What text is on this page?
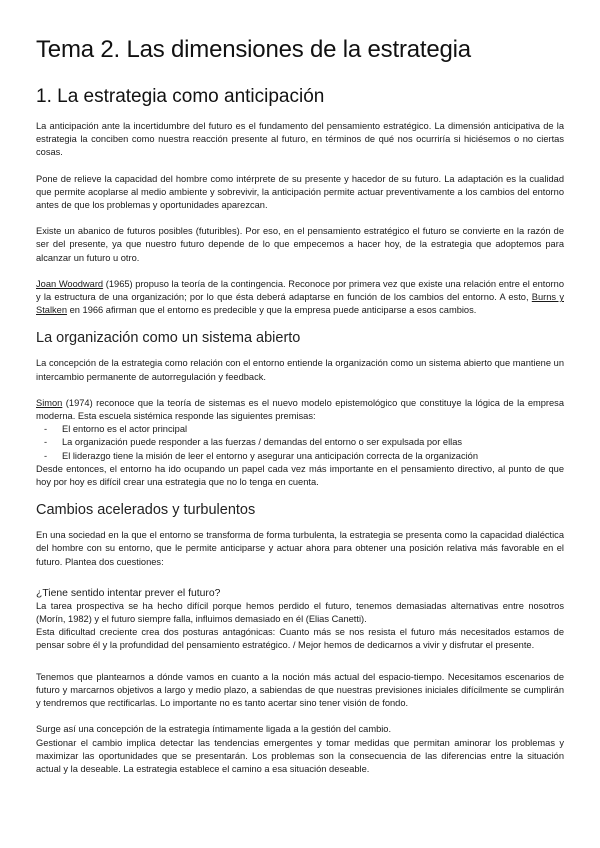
Tema 2. Las dimensiones de la estrategia
1. La estrategia como anticipación

La anticipación ante la incertidumbre del futuro es el fundamento del pensamiento estratégico. La dimensión anticipativa de la estrategia la conciben como nuestra reacción presente al futuro, en términos de qué nos ocurriría si hiciésemos o no ciertas cosas.

Pone de relieve la capacidad del hombre como intérprete de su presente y hacedor de su futuro. La adaptación es la cualidad que permite acoplarse al medio ambiente y sobrevivir, la anticipación permite actuar preventivamente a los cambios del entorno antes de que los problemas y oportunidades aparezcan.

Existe un abanico de futuros posibles (futuribles). Por eso, en el pensamiento estratégico el futuro se convierte en la razón de ser del presente, ya que nuestro futuro depende de lo que empecemos a hacer hoy, de la estrategia que adoptemos para alcanzar un futuro u otro.

Joan Woodward (1965) propuso la teoría de la contingencia. Reconoce por primera vez que existe una relación entre el entorno y la estructura de una organización; por lo que ésta deberá adaptarse en función de los cambios del entorno. A esto, Burns y Stalken en 1966 afirman que el entorno es predecible y que la empresa puede anticiparse a esos cambios.

La organización como un sistema abierto

La concepción de la estrategia como relación con el entorno entiende la organización como un sistema abierto que mantiene un intercambio permanente de autorregulación y feedback.

Simon (1974) reconoce que la teoría de sistemas es el nuevo modelo epistemológico que constituye la lógica de la empresa moderna. Esta escuela sistémica responde las siguientes premisas:

- El entorno es el actor principal
- La organización puede responder a las fuerzas / demandas del entorno o ser expulsada por ellas
- El liderazgo tiene la misión de leer el entorno y asegurar una anticipación correcta de la organización

Desde entonces, el entorno ha ido ocupando un papel cada vez más importante en el pensamiento directivo, al punto de que hoy por hoy es difícil crear una estrategia que no lo tenga en cuenta.

Cambios acelerados y turbulentos

En una sociedad en la que el entorno se transforma de forma turbulenta, la estrategia se presenta como la capacidad dialéctica del hombre con su entorno, que le permite anticiparse y actuar ahora para obtener una posición relativa más favorable en el futuro. Plantea dos cuestiones:

¿Tiene sentido intentar prever el futuro?

La tarea prospectiva se ha hecho difícil porque hemos perdido el futuro, tenemos demasiadas alternativas entre nosotros (Morín, 1982) y el futuro siempre falla, influimos demasiado en él (Elias Canetti).

Esta dificultad creciente crea dos posturas antagónicas: Cuanto más se nos resista el futuro más necesitados estamos de pensar sobre él y la profundidad del pensamiento estratégico. / Mejor hemos de dedicarnos a vivir y disfrutar el presente.

Tenemos que plantearnos a dónde vamos en cuanto a la noción más actual del espacio-tiempo. Necesitamos escenarios de futuro y marcarnos objetivos a largo y medio plazo, a sabiendas de que nuestras previsiones iniciales difícilmente se cumplirán y tendremos que rectificarlas. Lo importante no es tanto acertar sino tener visión de fondo.

Surge así una concepción de la estrategia íntimamente ligada a la gestión del cambio.

Gestionar el cambio implica detectar las tendencias emergentes y tomar medidas que permitan aminorar los problemas y maximizar las oportunidades que se presentarán. Los problemas son la consecuencia de las diferencias entre la situación actual y la deseable. La estrategia establece el camino a esa situación deseable.
